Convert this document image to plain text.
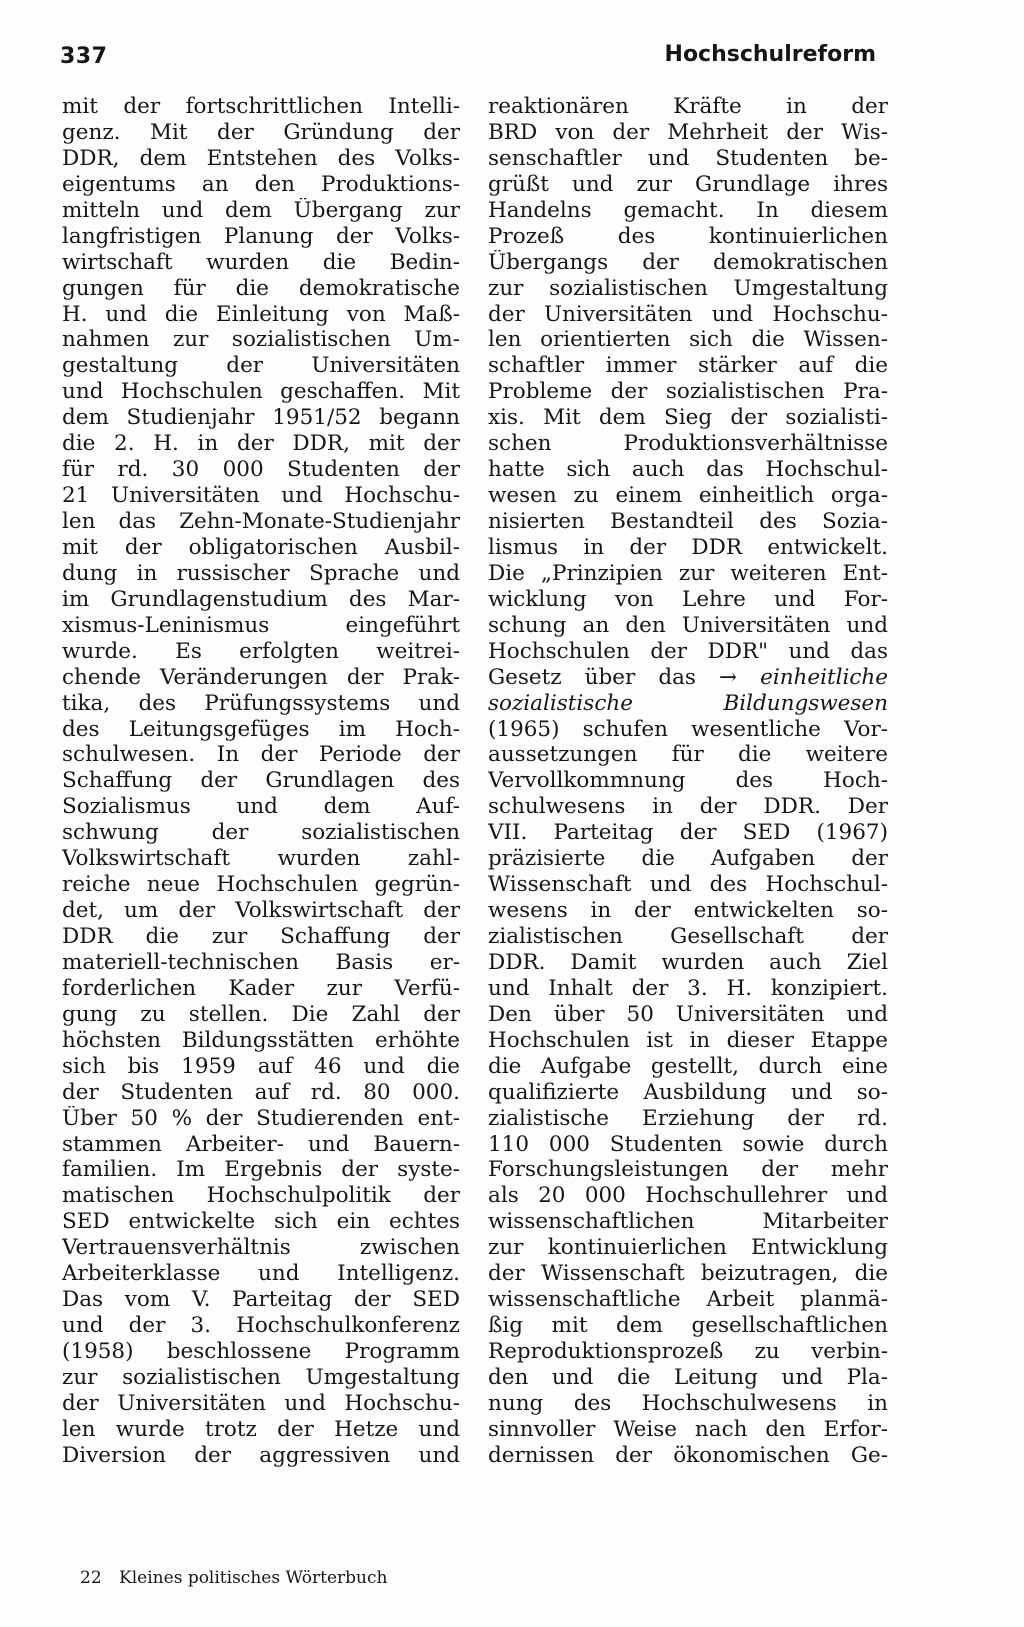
337	Hochschulreform
mit der fortschrittlichen Intelli-
genz. Mit der Gründung der
DDR, dem Entstehen des Volks-
eigentums an den Produktions-
mitteln und dem Übergang zur
langfristigen Planung der Volks-
wirtschaft wurden die Bedin-
gungen für die demokratische
H. und die Einleitung von Maß-
nahmen zur sozialistischen Um-
gestaltung der Universitäten
und Hochschulen geschaffen. Mit
dem Studienjahr 1951/52 begann
die 2. H. in der DDR, mit der
für rd. 30 000 Studenten der
21 Universitäten und Hochschu-
len das Zehn-Monate-Studienjahr
mit der obligatorischen Ausbil-
dung in russischer Sprache und
im Grundlagenstudium des Mar-
xismus-Leninismus eingeführt
wurde. Es erfolgten weitrei-
chende Veränderungen der Prak-
tika, des Prüfungssystems und
des Leitungsgefüges im Hoch-
schulwesen. In der Periode der
Schaffung der Grundlagen des
Sozialismus und dem Auf-
schwung der sozialistischen
Volkswirtschaft wurden zahl-
reiche neue Hochschulen gegrün-
det, um der Volkswirtschaft der
DDR die zur Schaffung der
materiell-technischen Basis er-
forderlichen Kader zur Verfü-
gung zu stellen. Die Zahl der
höchsten Bildungsstätten erhöhte
sich bis 1959 auf 46 und die
der Studenten auf rd. 80 000.
Über 50 % der Studierenden ent-
stammen Arbeiter- und Bauern-
familien. Im Ergebnis der syste-
matischen Hochschulpolitik der
SED entwickelte sich ein echtes
Vertrauensverhältnis zwischen
Arbeiterklasse und Intelligenz.
Das vom V. Parteitag der SED
und der 3. Hochschulkonferenz
(1958) beschlossene Programm
zur sozialistischen Umgestaltung
der Universitäten und Hochschu-
len wurde trotz der Hetze und
Diversion der aggressiven und
reaktionären Kräfte in der
BRD von der Mehrheit der Wis-
senschaftler und Studenten be-
grüßt und zur Grundlage ihres
Handelns gemacht. In diesem
Prozeß des kontinuierlichen
Übergangs der demokratischen
zur sozialistischen Umgestaltung
der Universitäten und Hochschu-
len orientierten sich die Wissen-
schaftler immer stärker auf die
Probleme der sozialistischen Pra-
xis. Mit dem Sieg der sozialisti-
schen Produktionsverhältnisse
hatte sich auch das Hochschul-
wesen zu einem einheitlich orga-
nisierten Bestandteil des Sozia-
lismus in der DDR entwickelt.
Die „Prinzipien zur weiteren Ent-
wicklung von Lehre und For-
schung an den Universitäten und
Hochschulen der DDR" und das
Gesetz über das → einheitliche
sozialistische Bildungswesen
(1965) schufen wesentliche Vor-
aussetzungen für die weitere
Vervollkommnung des Hoch-
schulwesens in der DDR. Der
VII. Parteitag der SED (1967)
präzisierte die Aufgaben der
Wissenschaft und des Hochschul-
wesens in der entwickelten so-
zialistischen Gesellschaft der
DDR. Damit wurden auch Ziel
und Inhalt der 3. H. konzipiert.
Den über 50 Universitäten und
Hochschulen ist in dieser Etappe
die Aufgabe gestellt, durch eine
qualifizierte Ausbildung und so-
zialistische Erziehung der rd.
110 000 Studenten sowie durch
Forschungsleistungen der mehr
als 20 000 Hochschullehrer und
wissenschaftlichen Mitarbeiter
zur kontinuierlichen Entwicklung
der Wissenschaft beizutragen, die
wissenschaftliche Arbeit planmä-
ßig mit dem gesellschaftlichen
Reproduktionsprozeß zu verbin-
den und die Leitung und Pla-
nung des Hochschulwesens in
sinnvoller Weise nach den Erfor-
dernissen der ökonomischen Ge-
22 Kleines politisches Wörterbuch
